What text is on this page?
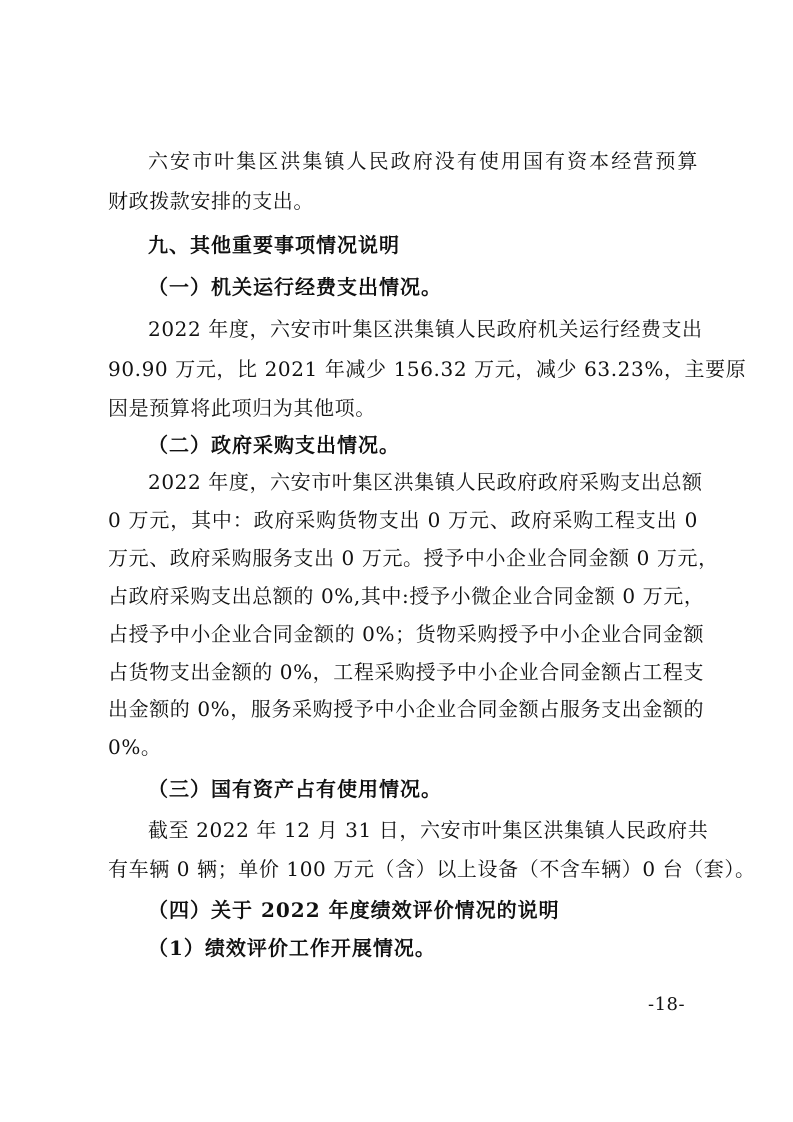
六安市叶集区洪集镇人民政府没有使用国有资本经营预算
财政拨款安排的支出。
九、其他重要事项情况说明
（一）机关运行经费支出情况。
2022 年度，六安市叶集区洪集镇人民政府机关运行经费支出
90.90 万元，比 2021 年减少 156.32 万元，减少 63.23%，主要原
因是预算将此项归为其他项。
（二）政府采购支出情况。
2022 年度，六安市叶集区洪集镇人民政府政府采购支出总额
0 万元，其中：政府采购货物支出 0 万元、政府采购工程支出 0
万元、政府采购服务支出 0 万元。授予中小企业合同金额 0 万元，
占政府采购支出总额的 0%,其中:授予小微企业合同金额 0 万元，
占授予中小企业合同金额的 0%；货物采购授予中小企业合同金额
占货物支出金额的 0%，工程采购授予中小企业合同金额占工程支
出金额的 0%，服务采购授予中小企业合同金额占服务支出金额的
0%。
（三）国有资产占有使用情况。
截至 2022 年 12 月 31 日，六安市叶集区洪集镇人民政府共
有车辆 0 辆；单价 100 万元（含）以上设备（不含车辆）0 台（套）。
（四）关于 2022 年度绩效评价情况的说明
（1）绩效评价工作开展情况。
-18-
